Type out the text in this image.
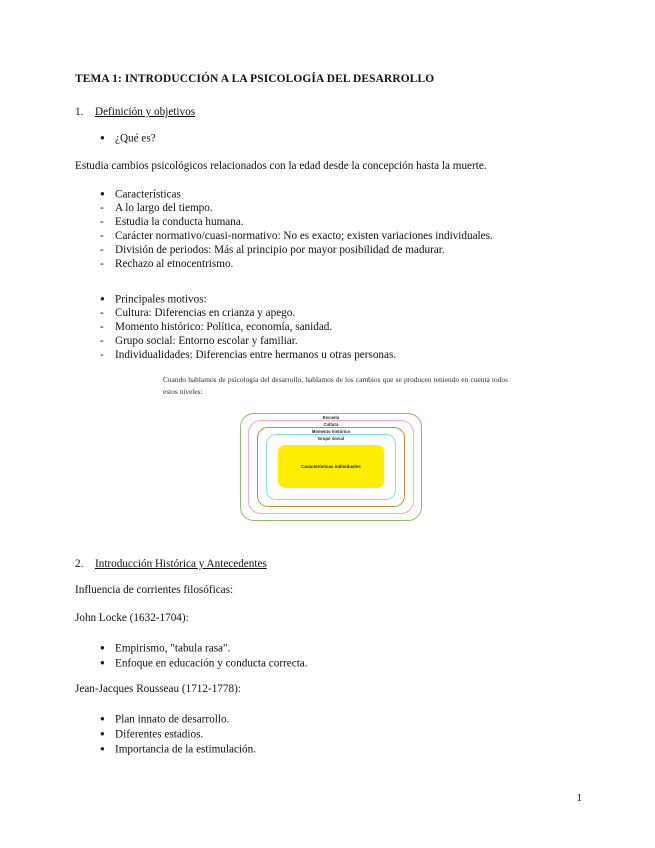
TEMA 1: INTRODUCCIÓN A LA PSICOLOGÍA DEL DESARROLLO
1. Definición y objetivos
● ¿Qué es?
Estudia cambios psicológicos relacionados con la edad desde la concepción hasta la muerte.
● Características
- A lo largo del tiempo.
- Estudia la conducta humana.
- Carácter normativo/cuasi-normativo: No es exacto; existen variaciones individuales.
- División de periodos: Más al principio por mayor posibilidad de madurar.
- Rechazo al etnocentrismo.
● Principales motivos:
- Cultura: Diferencias en crianza y apego.
- Momento histórico: Política, economía, sanidad.
- Grupo social: Entorno escolar y familiar.
- Individualidades: Diferencias entre hermanos u otras personas.
Cuando hablamos de psicología del desarrollo, hablamos de los cambios que se producen teniendo en cuenta todos estos niveles:
Escuela
Cultura
Momento histórico
Grupo social
Características individuales
2. Introducción Histórica y Antecedentes
Influencia de corrientes filosóficas:
John Locke (1632-1704):
● Empirismo, "tabula rasa".
● Enfoque en educación y conducta correcta.
Jean-Jacques Rousseau (1712-1778):
● Plan innato de desarrollo.
● Diferentes estadios.
● Importancia de la estimulación.
1
